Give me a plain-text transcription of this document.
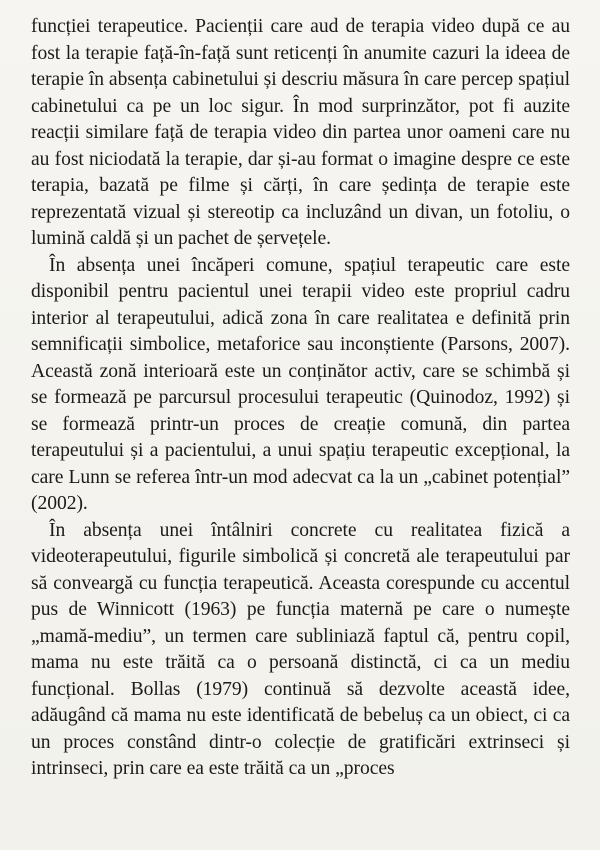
funcției terapeutice. Pacienții care aud de terapia video după ce au fost la terapie față-în-față sunt reticenți în anumite cazuri la ideea de terapie în absența cabinetului și descriu măsura în care percep spațiul cabinetului ca pe un loc sigur. În mod surprinzător, pot fi auzite reacții similare față de terapia video din partea unor oameni care nu au fost niciodată la terapie, dar și-au format o imagine despre ce este terapia, bazată pe filme și cărți, în care ședința de terapie este reprezentată vizual și stereotip ca incluzând un divan, un fotoliu, o lumină caldă și un pachet de șervețele.

În absența unei încăperi comune, spațiul terapeutic care este disponibil pentru pacientul unei terapii video este propriul cadru interior al terapeutului, adică zona în care realitatea e definită prin semnificații simbolice, metaforice sau inconștiente (Parsons, 2007). Această zonă interioară este un conținător activ, care se schimbă și se formează pe parcursul procesului terapeutic (Quinodoz, 1992) și se formează printr-un proces de creație comună, din partea terapeutului și a pacientului, a unui spațiu terapeutic excepțional, la care Lunn se referea într-un mod adecvat ca la un „cabinet potențial” (2002).

În absența unei întâlniri concrete cu realitatea fizică a videoterapeutului, figurile simbolică și concretă ale terapeutului par să conveargă cu funcția terapeutică. Aceasta corespunde cu accentul pus de Winnicott (1963) pe funcția maternă pe care o numește „mamă-mediu”, un termen care subliniază faptul că, pentru copil, mama nu este trăită ca o persoană distinctă, ci ca un mediu funcțional. Bollas (1979) continuă să dezvolte această idee, adăugând că mama nu este identificată de bebeluș ca un obiect, ci ca un proces constând dintr-o colecție de gratificări extrinseci și intrinseci, prin care ea este trăită ca un „proces
